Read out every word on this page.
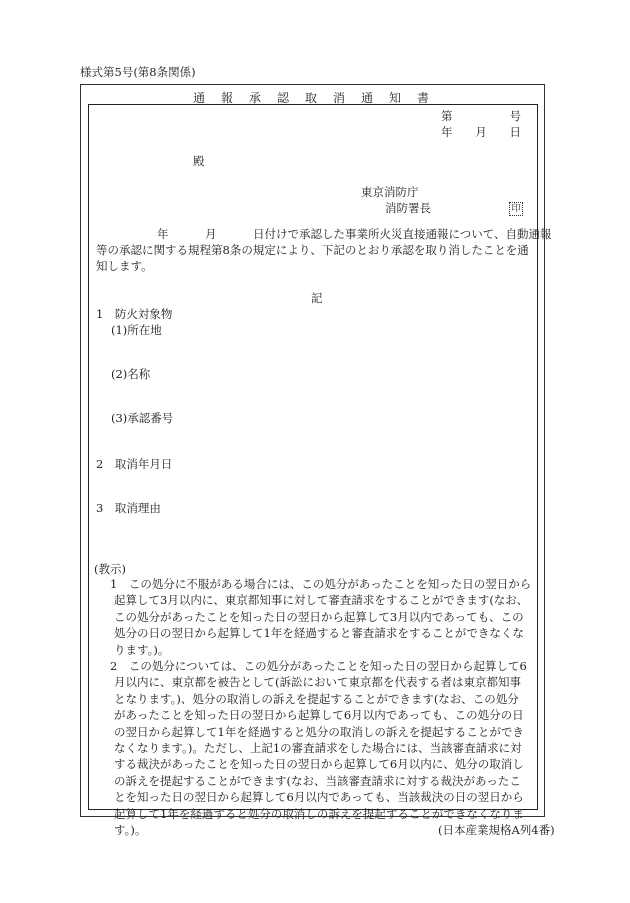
様式第5号(第8条関係)
通報承認取消通知書
第	号
年 月 日
殿
東京消防庁
消防署長	印
年	月	日付けで承認した事業所火災直接通報について、自動通報
等の承認に関する規程第8条の規定により、下記のとおり承認を取り消したことを通
知します。
記
1　防火対象物
(1)所在地
(2)名称
(3)承認番号
2　取消年月日
3　取消理由
(教示)
1　この処分に不服がある場合には、この処分があったことを知った日の翌日から
起算して3月以内に、東京都知事に対して審査請求をすることができます(なお、
この処分があったことを知った日の翌日から起算して3月以内であっても、この
処分の日の翌日から起算して1年を経過すると審査請求をすることができなくな
ります。)。
2　この処分については、この処分があったことを知った日の翌日から起算して6
月以内に、東京都を被告として(訴訟において東京都を代表する者は東京都知事
となります。)、処分の取消しの訴えを提起することができます(なお、この処分
があったことを知った日の翌日から起算して6月以内であっても、この処分の日
の翌日から起算して1年を経過すると処分の取消しの訴えを提起することができ
なくなります。)。ただし、上記1の審査請求をした場合には、当該審査請求に対
する裁決があったことを知った日の翌日から起算して6月以内に、処分の取消し
の訴えを提起することができます(なお、当該審査請求に対する裁決があったこ
とを知った日の翌日から起算して6月以内であっても、当該裁決の日の翌日から
起算して1年を経過すると処分の取消しの訴えを提起することができなくなりま
す。)。	(日本産業規格A列4番)
